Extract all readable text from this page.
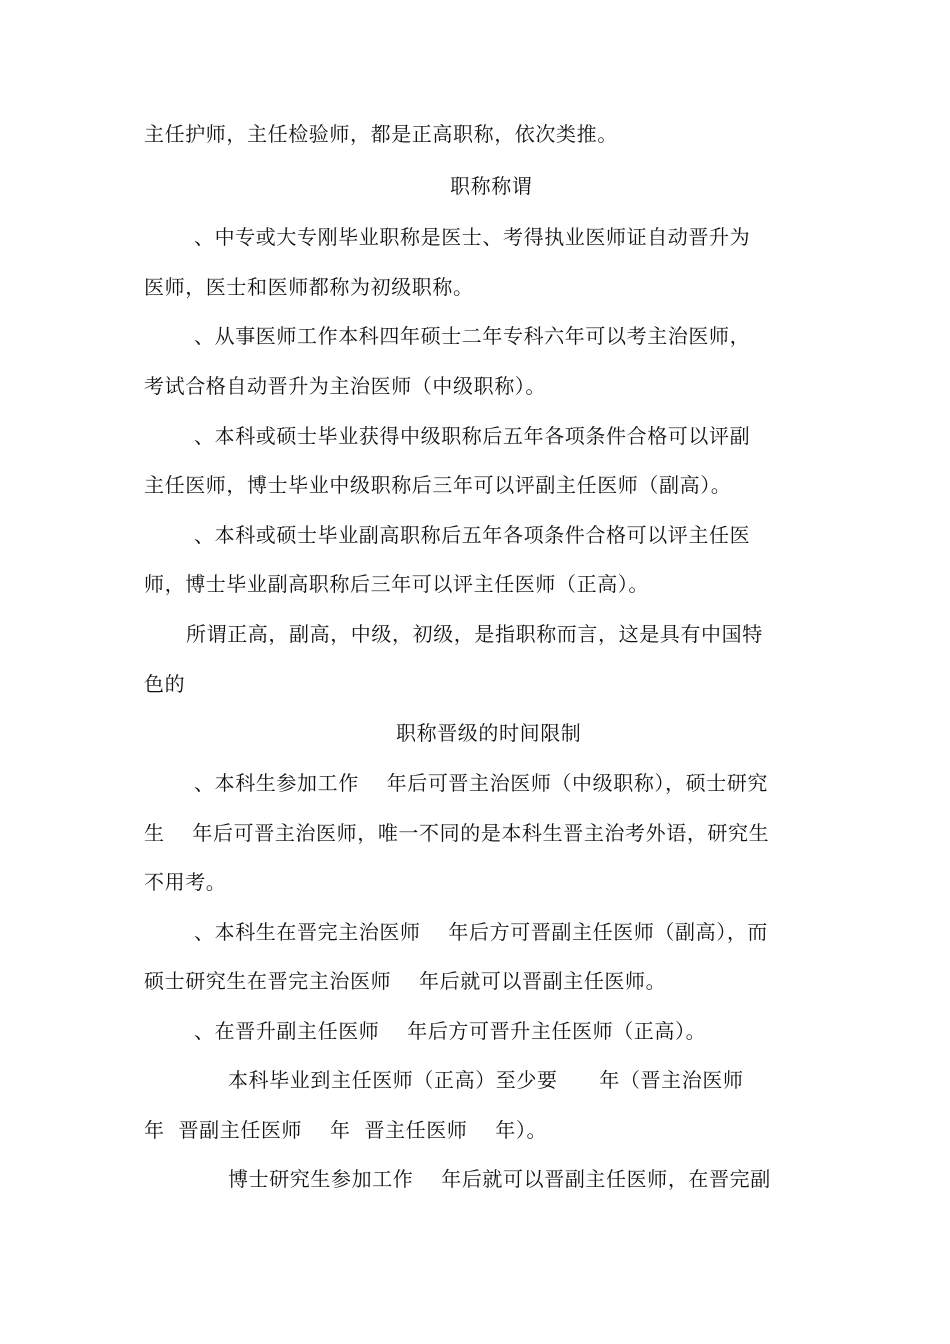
主任护师，主任检验师，都是正高职称，依次类推。
职称称谓
、中专或大专刚毕业职称是医士、考得执业医师证自动晋升为
医师，医士和医师都称为初级职称。
、从事医师工作本科四年硕士二年专科六年可以考主治医师，
考试合格自动晋升为主治医师（中级职称）。
、本科或硕士毕业获得中级职称后五年各项条件合格可以评副
主任医师，博士毕业中级职称后三年可以评副主任医师（副高）。
、本科或硕士毕业副高职称后五年各项条件合格可以评主任医
师，博士毕业副高职称后三年可以评主任医师（正高）。
所谓正高，副高，中级，初级，是指职称而言，这是具有中国特
色的
职称晋级的时间限制
、本科生参加工作    年后可晋主治医师（中级职称），硕士研究
生    年后可晋主治医师，唯一不同的是本科生晋主治考外语，研究生
不用考。
、本科生在晋完主治医师    年后方可晋副主任医师（副高），而
硕士研究生在晋完主治医师    年后就可以晋副主任医师。
、在晋升副主任医师    年后方可晋升主任医师（正高）。
本科毕业到主任医师（正高）至少要      年（晋主治医师
年  晋副主任医师    年  晋主任医师    年）。
博士研究生参加工作    年后就可以晋副主任医师，在晋完副
